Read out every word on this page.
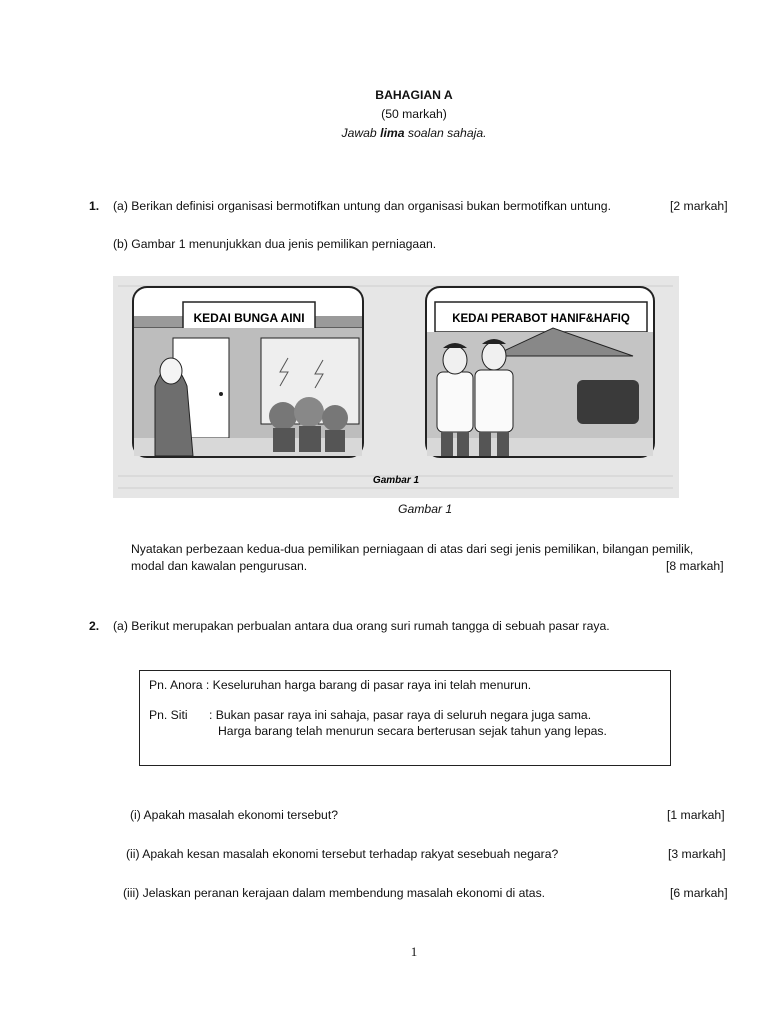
BAHAGIAN A
(50 markah)
Jawab lima soalan sahaja.
1. (a) Berikan definisi organisasi bermotifkan untung dan organisasi bukan bermotifkan untung.	[2 markah]
(b) Gambar 1 menunjukkan dua jenis pemilikan perniagaan.
KEDAI BUNGA AINI	KEDAI PERABOT HANIF&HAFIQ
Gambar 1
Gambar 1
Nyatakan perbezaan kedua-dua pemilikan perniagaan di atas dari segi jenis pemilikan, bilangan pemilik,
modal dan kawalan pengurusan.	[8 markah]
2. (a) Berikut merupakan perbualan antara dua orang suri rumah tangga di sebuah pasar raya.
Pn. Anora : Keseluruhan harga barang di pasar raya ini telah menurun.
Pn. Siti : Bukan pasar raya ini sahaja, pasar raya di seluruh negara juga sama.
Harga barang telah menurun secara berterusan sejak tahun yang lepas.
(i) Apakah masalah ekonomi tersebut?	[1 markah]
(ii) Apakah kesan masalah ekonomi tersebut terhadap rakyat sesebuah negara?	[3 markah]
(iii) Jelaskan peranan kerajaan dalam membendung masalah ekonomi di atas.	[6 markah]
1
